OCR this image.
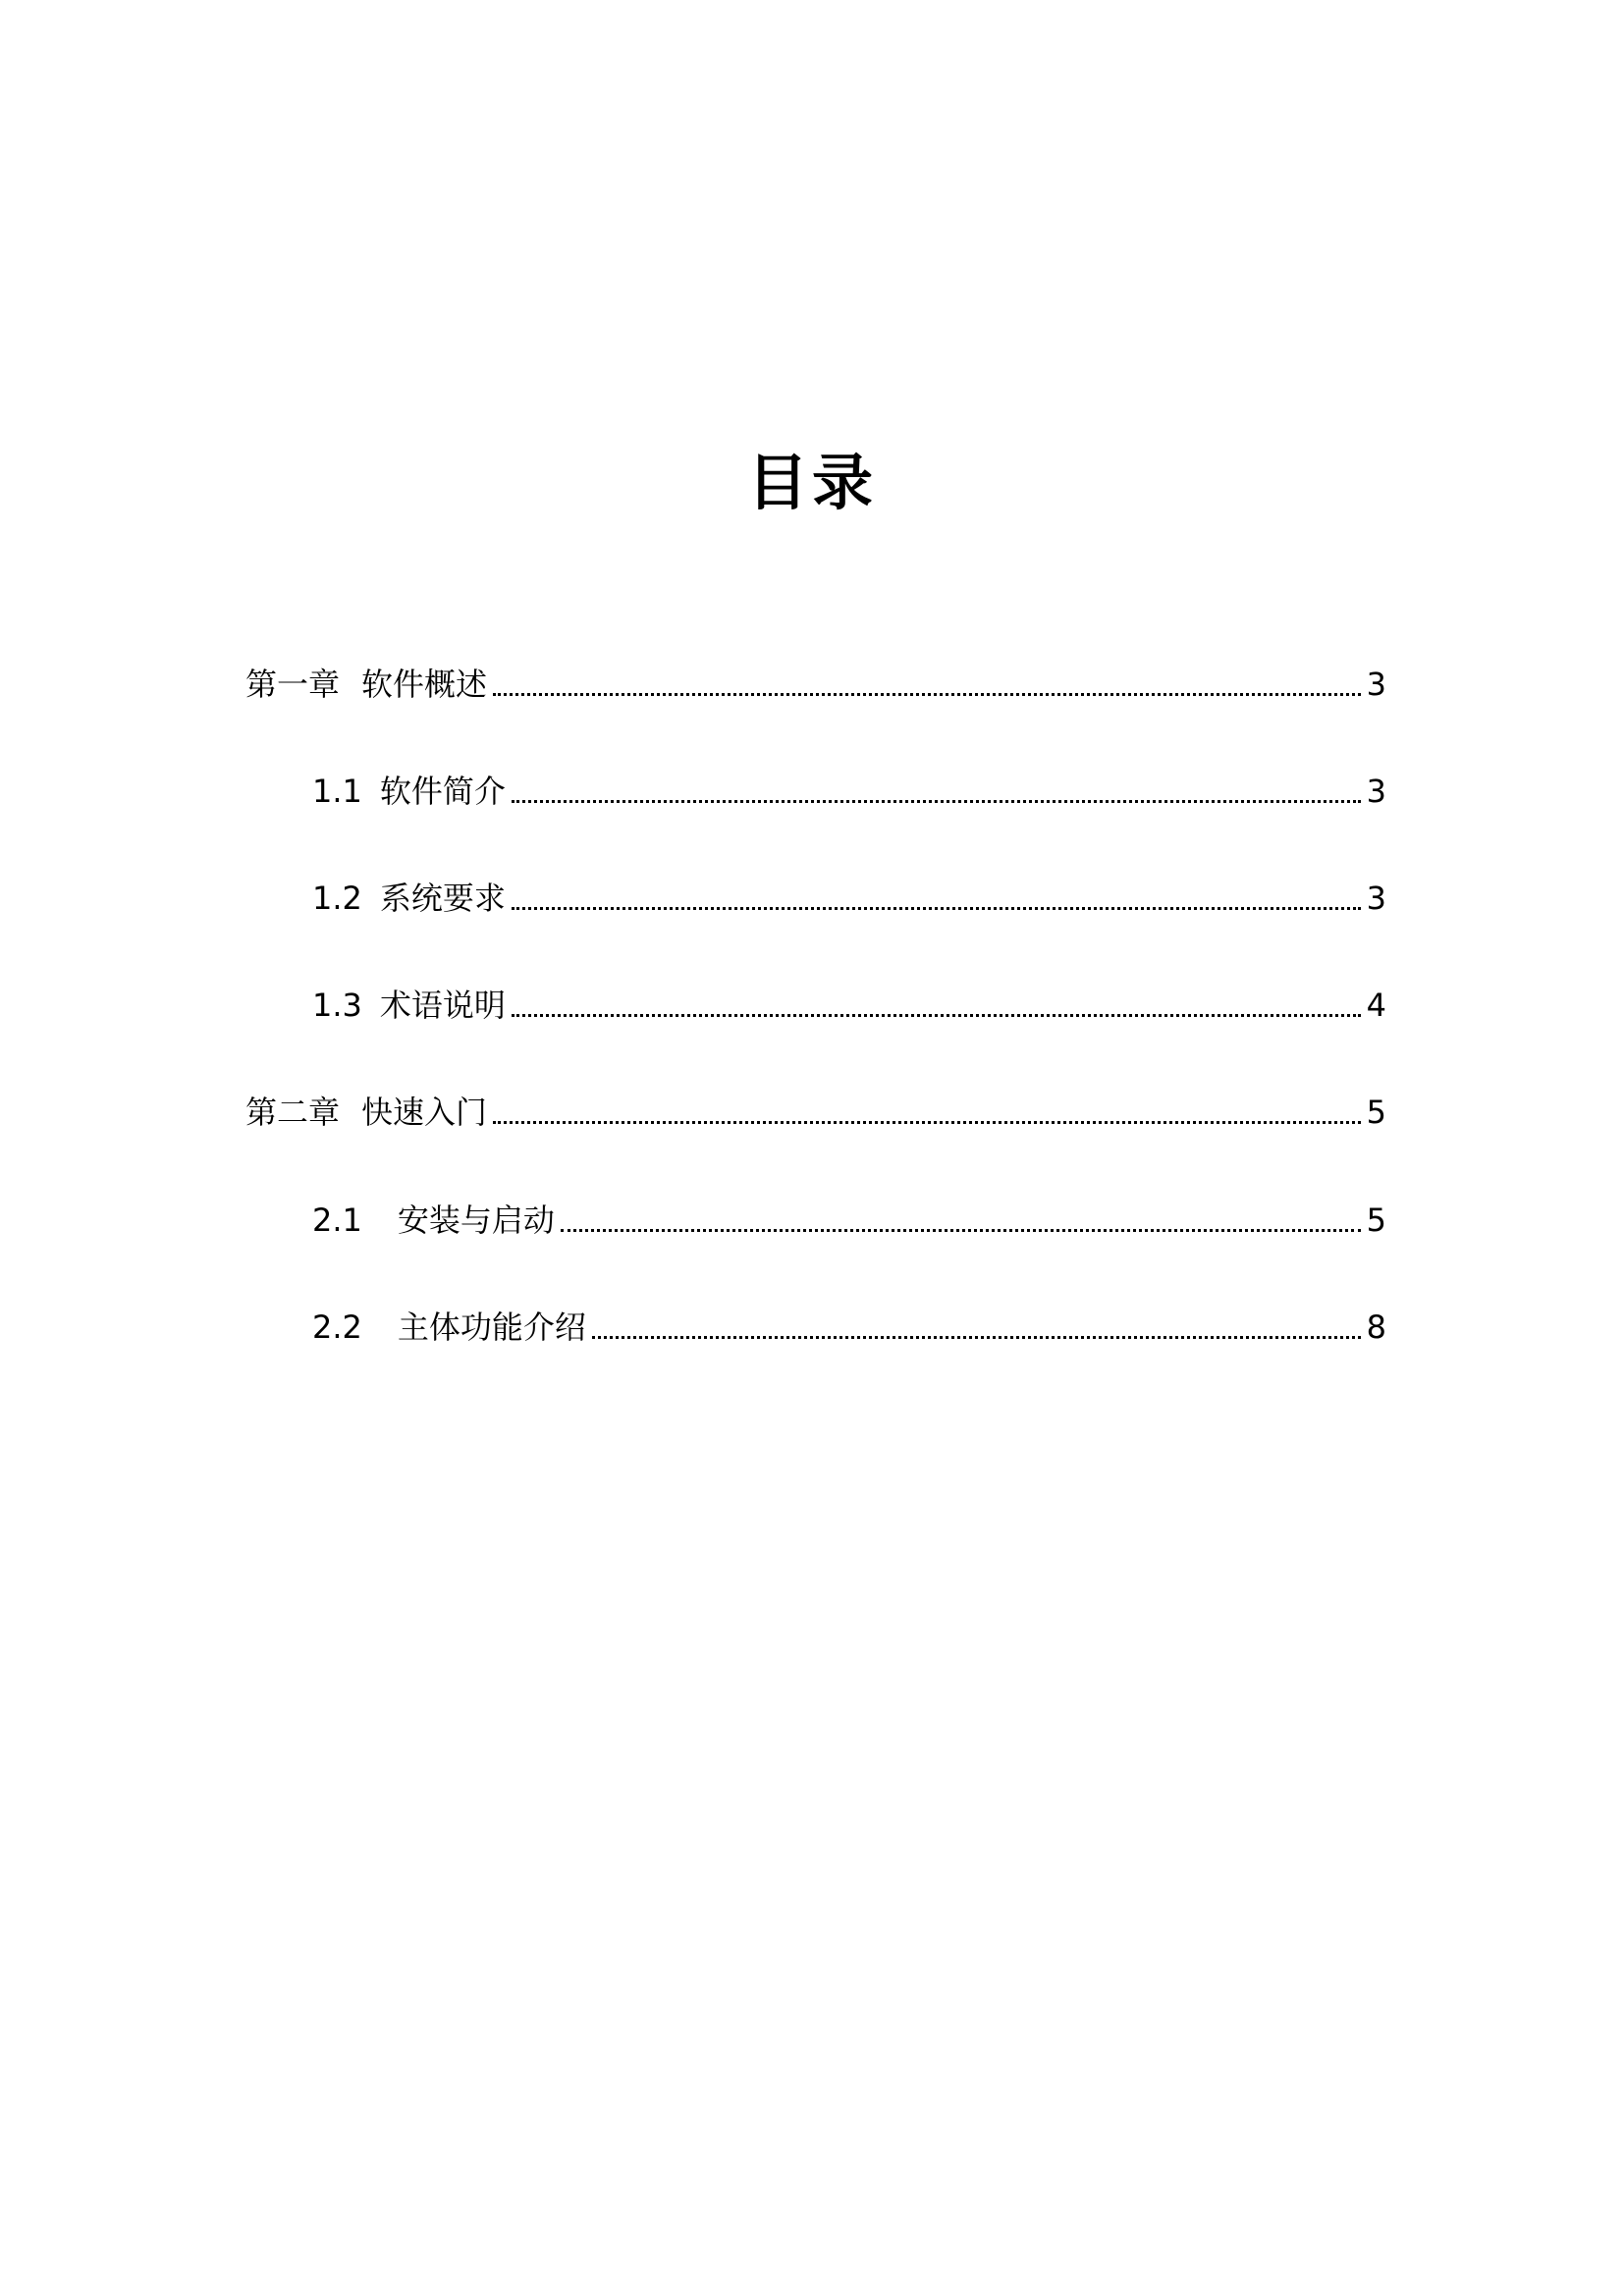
目录
第一章 软件概述	3
1.1 软件简介	3
1.2 系统要求	3
1.3 术语说明	4
第二章 快速入门	5
2.1 安装与启动	5
2.2 主体功能介绍	8
